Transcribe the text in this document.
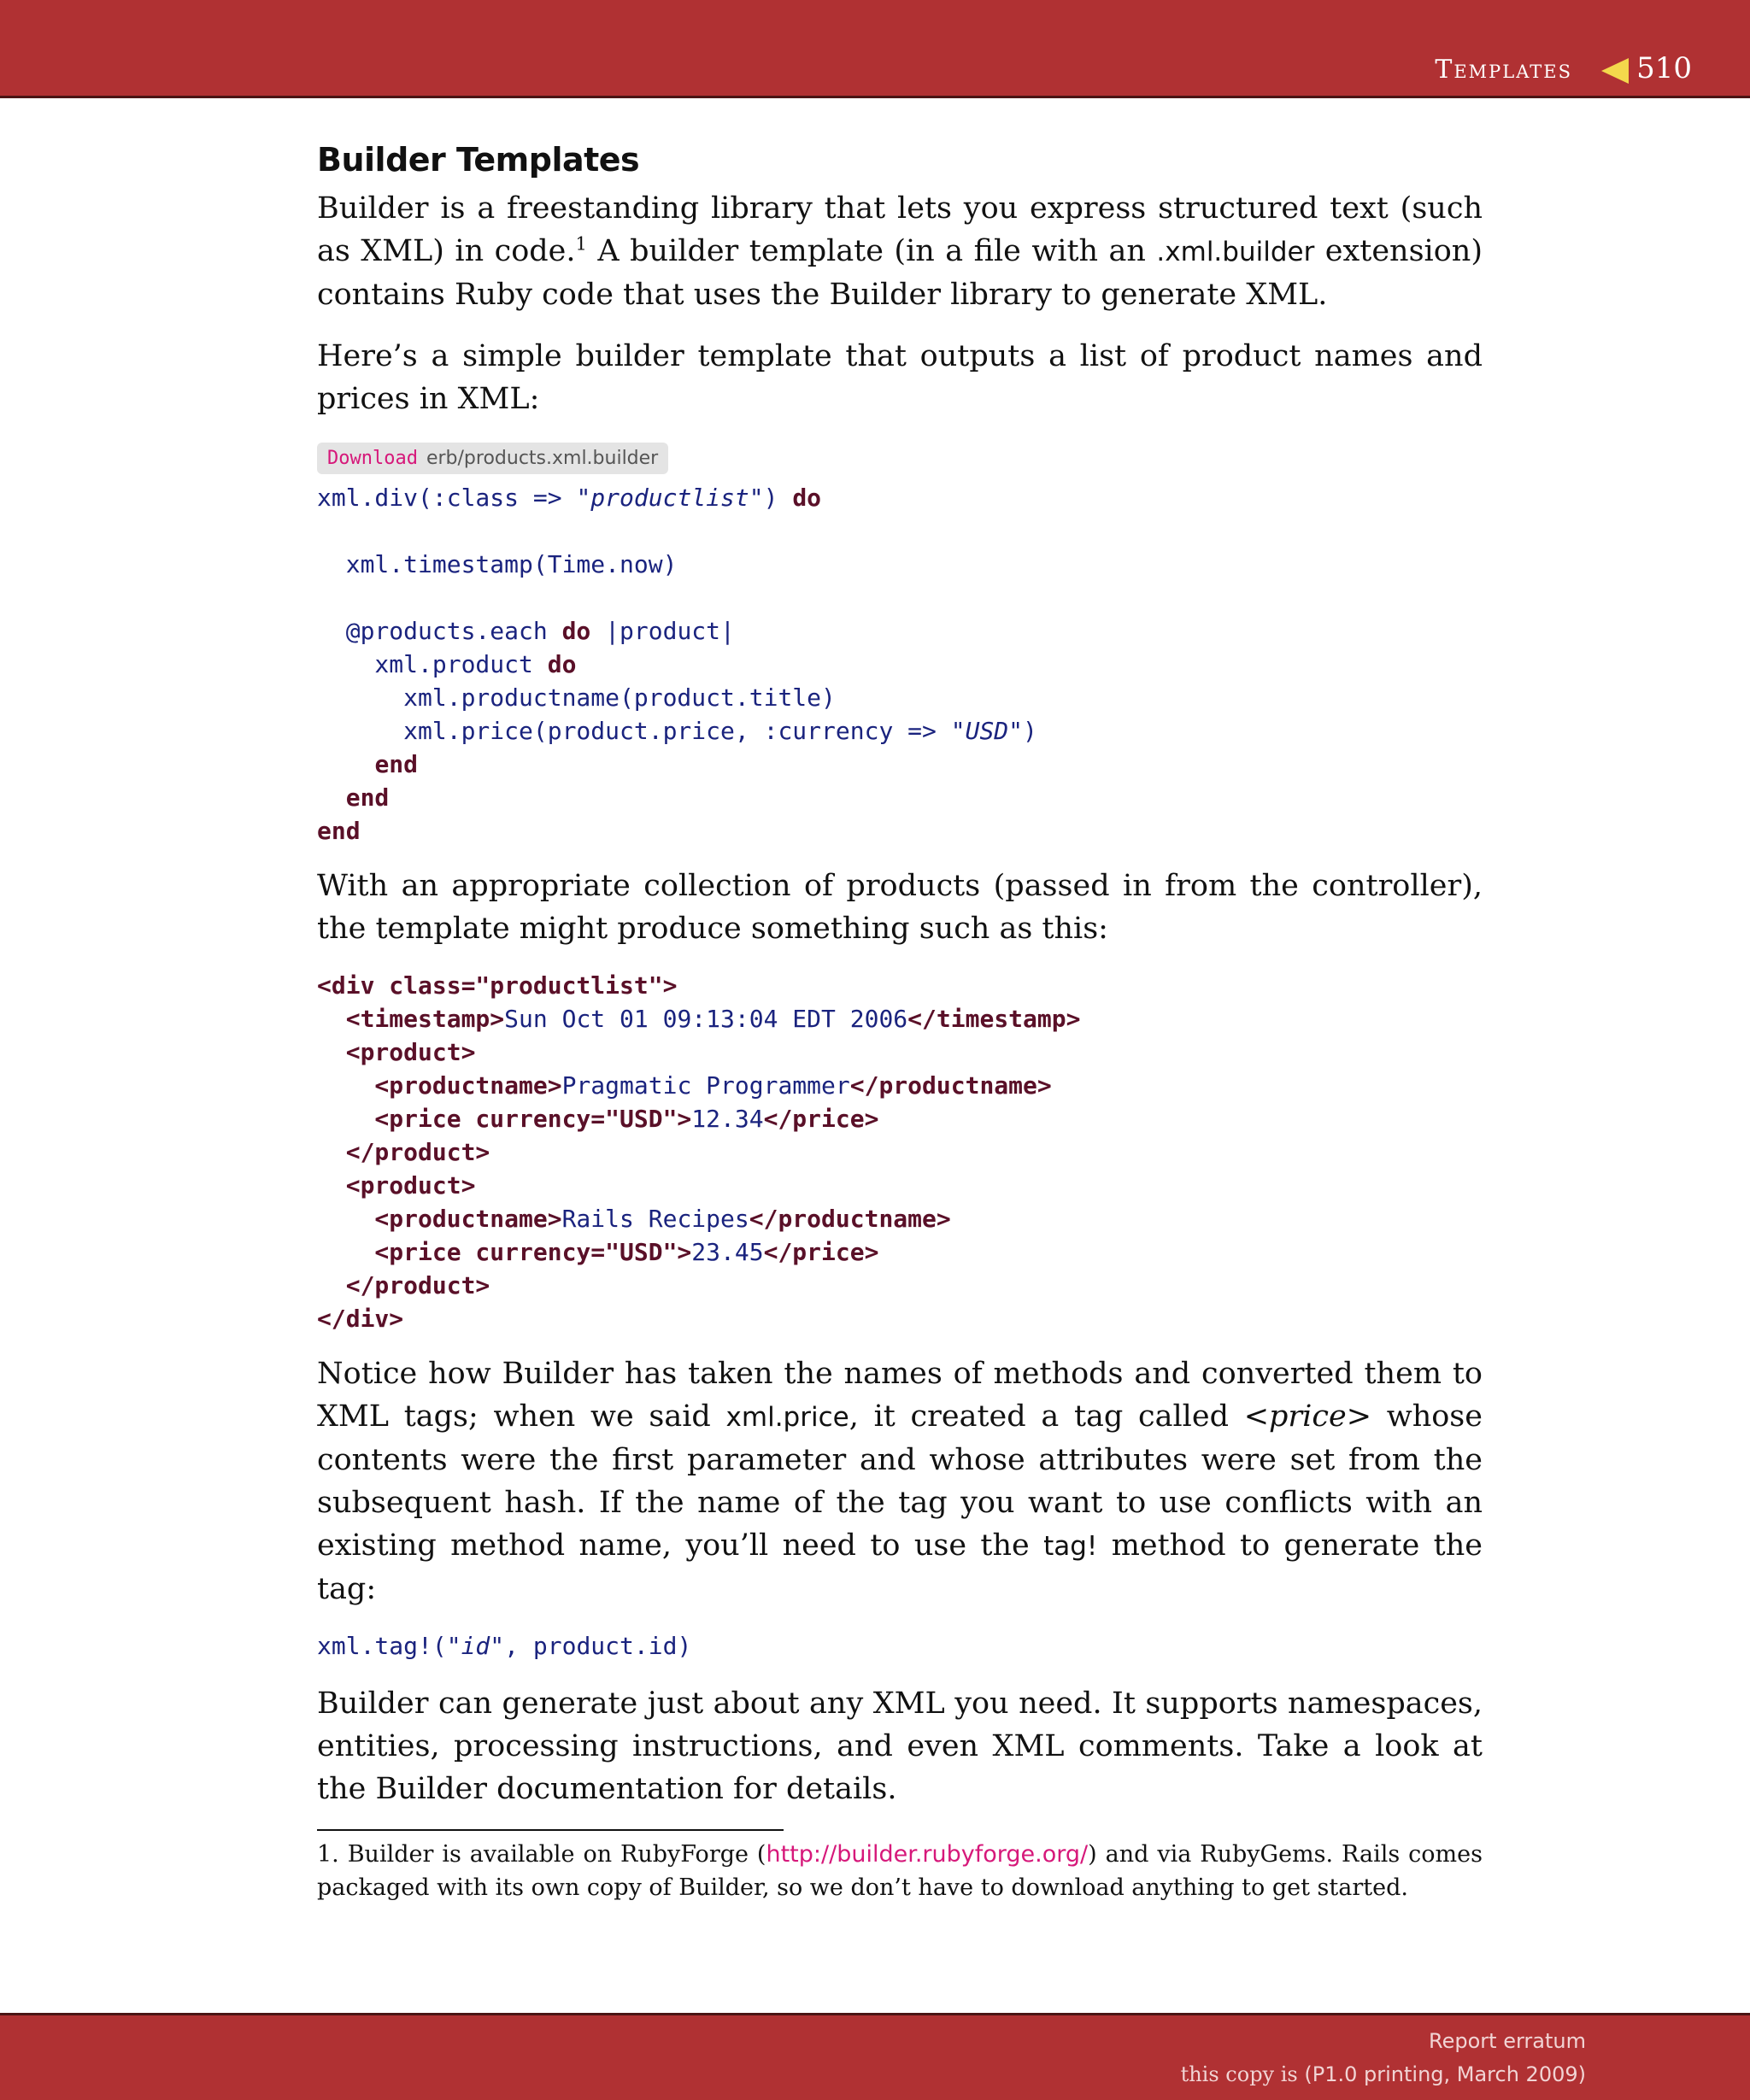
Templates 510
Builder Templates

Builder is a freestanding library that lets you express structured text (such as XML) in code.$^1$ A builder template (in a file with an .xml.builder extension) contains Ruby code that uses the Builder library to generate XML.

Here’s a simple builder template that outputs a list of product names and prices in XML:

Download erb/products.xml.builder
xml.div(:class => "productlist") do

xml.timestamp(Time.now)

@products.each do |product|
xml.product do
xml.productname(product.title)
xml.price(product.price, :currency => "USD")
end
end
end

With an appropriate collection of products (passed in from the controller), the template might produce something such as this:

<div class="productlist">
<timestamp>Sun Oct 01 09:13:04 EDT 2006</timestamp>
<product>
<productname>Pragmatic Programmer</productname>
<price currency="USD">12.34</price>
</product>
<product>
<productname>Rails Recipes</productname>
<price currency="USD">23.45</price>
</product>
</div>

Notice how Builder has taken the names of methods and converted them to XML tags; when we said xml.price, it created a tag called <price> whose contents were the first parameter and whose attributes were set from the subsequent hash. If the name of the tag you want to use conflicts with an existing method name, you’ll need to use the tag! method to generate the tag:

xml.tag!("id", product.id)

Builder can generate just about any XML you need. It supports namespaces, entities, processing instructions, and even XML comments. Take a look at the Builder documentation for details.

1. Builder is available on RubyForge (http://builder.rubyforge.org/) and via RubyGems. Rails comes packaged with its own copy of Builder, so we don’t have to download anything to get started.

Report erratum
this copy is (P1.0 printing, March 2009)
